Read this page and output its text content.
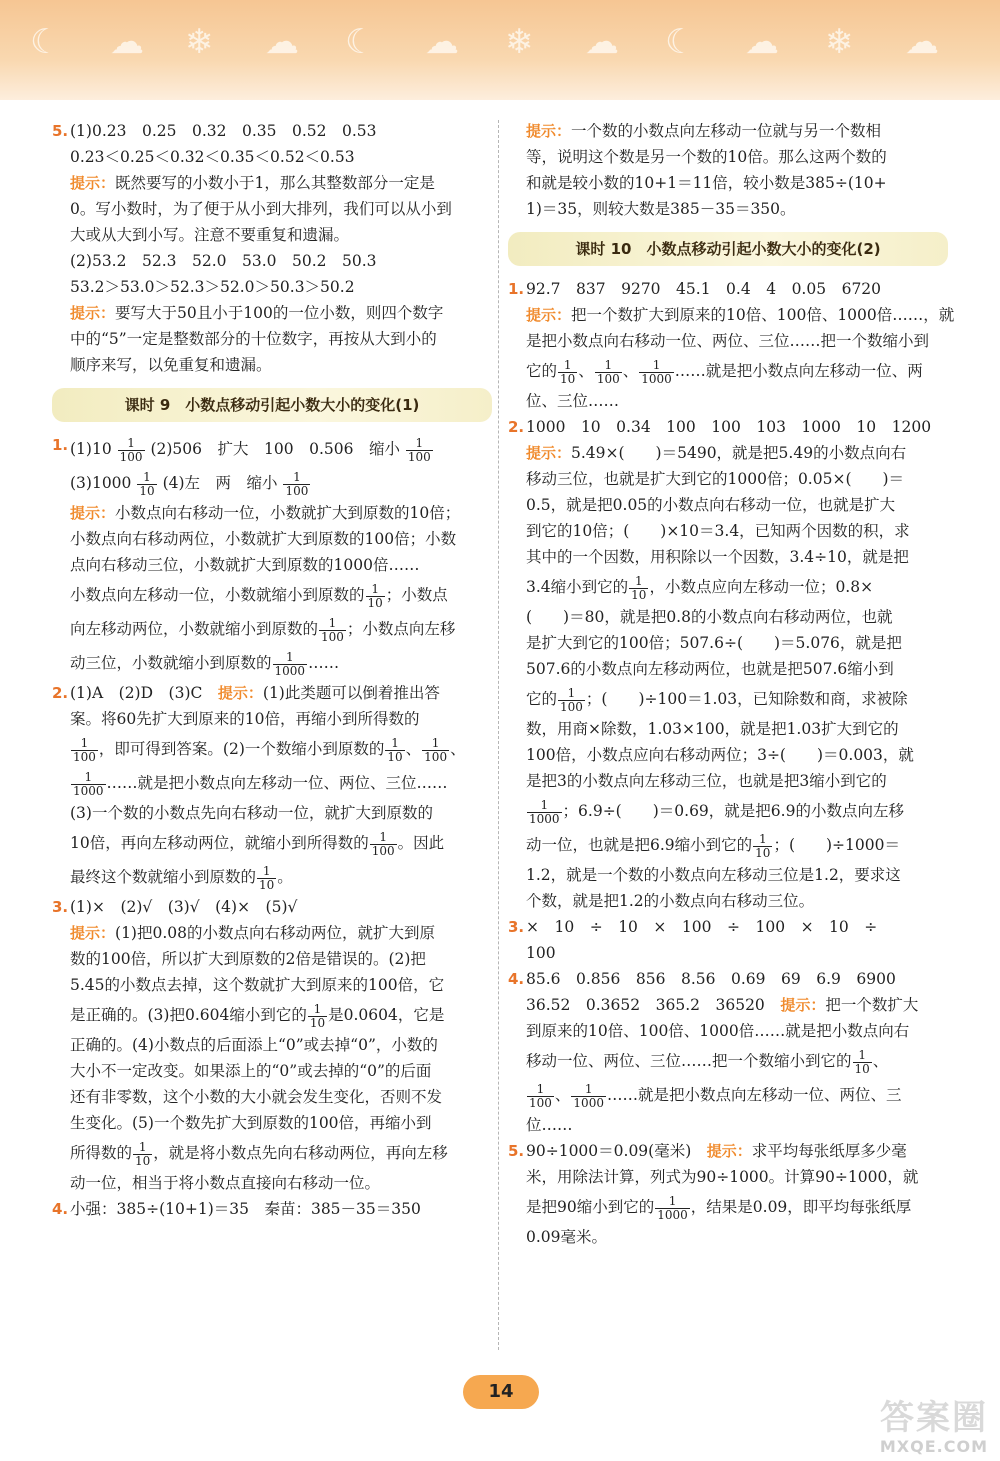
☾ ☁ ❄ ☁ ☾ ☁ ❄ ☁ ☾ ☁ ❄ ☁
5. (1)0.23　0.25　0.32　0.35　0.52　0.53
0.23＜0.25＜0.32＜0.35＜0.52＜0.53
提示：既然要写的小数小于1，那么其整数部分一定是
0。写小数时，为了便于从小到大排列，我们可以从小到
大或从大到小写。注意不要重复和遗漏。
(2)53.2　52.3　52.0　53.0　50.2　50.3
53.2＞53.0＞52.3＞52.0＞50.3＞50.2
提示：要写大于50且小于100的一位小数，则四个数字
中的“5”一定是整数部分的十位数字，再按从大到小的
顺序来写，以免重复和遗漏。
课时 9　小数点移动引起小数大小的变化(1)
1. $(1)10 \frac{1}{100} (2)506$　扩大　100　0.506　缩小 $\frac{1}{100}$
$(3)1000 \frac{1}{10} (4)$左　两　缩小 $\frac{1}{100}$
提示：小数点向右移动一位，小数就扩大到原数的10倍；
小数点向右移动两位，小数就扩大到原数的100倍；小数
点向右移动三位，小数就扩大到原数的1000倍……
小数点向左移动一位，小数就缩小到原数的 $\frac{1}{10}$ ；小数点
向左移动两位，小数就缩小到原数的 $\frac{1}{100}$ ；小数点向左移
动三位，小数就缩小到原数的 $\frac{1}{1000}$ ……
2. (1)A　(2)D　(3)C　 提示：(1)此类题可以倒着推出答
案。将60先扩大到原来的10倍，再缩小到所得数的
$\frac{1}{100}$ ，即可得到答案。(2)一个数缩小到原数的 $\frac{1}{10}$ 、 $\frac{1}{100}$ 、
$\frac{1}{1000}$ ……就是把小数点向左移动一位、两位、三位……
(3)一个数的小数点先向右移动一位，就扩大到原数的
10倍，再向左移动两位，就缩小到所得数的 $\frac{1}{100}$ 。因此
最终这个数就缩小到原数的 $\frac{1}{10}$ 。
3. (1)×　(2)√　(3)√　(4)×　(5)√
提示：(1)把0.08的小数点向右移动两位，就扩大到原
数的100倍，所以扩大到原数的2倍是错误的。(2)把
5.45的小数点去掉，这个数就扩大到原来的100倍，它
是正确的。(3)把0.604缩小到它的 $\frac{1}{10}$ 是0.0604，它是
正确的。(4)小数点的后面添上“0”或去掉“0”，小数的
大小不一定改变。如果添上的“0”或去掉的“0”的后面
还有非零数，这个小数的大小就会发生变化，否则不发
生变化。(5)一个数先扩大到原数的100倍，再缩小到
所得数的 $\frac{1}{10}$ ，就是将小数点先向右移动两位，再向左移
动一位，相当于将小数点直接向右移动一位。
4. 小强：385÷(10+1)＝35　秦苗：385－35＝350
提示：一个数的小数点向左移动一位就与另一个数相
等，说明这个数是另一个数的10倍。那么这两个数的
和就是较小数的10+1＝11倍，较小数是385÷(10+
1)＝35，则较大数是385－35＝350。
课时 10　小数点移动引起小数大小的变化(2)
1. 92.7　837　9270　45.1　0.4　4　0.05　6720
提示：把一个数扩大到原来的10倍、100倍、1000倍……，就
是把小数点向右移动一位、两位、三位……把一个数缩小到
它的 $\frac{1}{10}$ 、 $\frac{1}{100}$ 、 $\frac{1}{1000}$ ……就是把小数点向左移动一位、两
位、三位……
2. 1000　10　0.34　100　100　103　1000　10　1200
提示：5.49×(　　)＝5490，就是把5.49的小数点向右
移动三位，也就是扩大到它的1000倍；0.05×(　　)＝
0.5，就是把0.05的小数点向右移动一位，也就是扩大
到它的10倍；(　　)×10＝3.4，已知两个因数的积，求
其中的一个因数，用积除以一个因数，3.4÷10，就是把
3.4缩小到它的 $\frac{1}{10}$ ，小数点应向左移动一位；0.8×
(　　)＝80，就是把0.8的小数点向右移动两位，也就
是扩大到它的100倍；507.6÷(　　)＝5.076，就是把
507.6的小数点向左移动两位，也就是把507.6缩小到
它的 $\frac{1}{100}$ ；(　　)÷100＝1.03，已知除数和商，求被除
数，用商×除数，1.03×100，就是把1.03扩大到它的
100倍，小数点应向右移动两位；3÷(　　)＝0.003，就
是把3的小数点向左移动三位，也就是把3缩小到它的
$\frac{1}{1000}$ ；6.9÷(　　)＝0.69，就是把6.9的小数点向左移
动一位，也就是把6.9缩小到它的 $\frac{1}{10}$ ；(　　)÷1000＝
1.2，就是一个数的小数点向左移动三位是1.2，要求这
个数，就是把1.2的小数点向右移动三位。
3. ×　10　÷　10　×　100　÷　100　×　10　÷
100
4. 85.6　0.856　856　8.56　0.69　69　6.9　6900
36.52　0.3652　365.2　36520　 提示：把一个数扩大
到原来的10倍、100倍、1000倍……就是把小数点向右
移动一位、两位、三位……把一个数缩小到它的 $\frac{1}{10}$ 、
$\frac{1}{100}$ 、 $\frac{1}{1000}$ ……就是把小数点向左移动一位、两位、三
位……
5. 90÷1000＝0.09(毫米)　 提示：求平均每张纸厚多少毫
米，用除法计算，列式为90÷1000。计算90÷1000，就
是把90缩小到它的 $\frac{1}{1000}$ ，结果是0.09，即平均每张纸厚
0.09毫米。
14
答案圈
MXQE.COM
